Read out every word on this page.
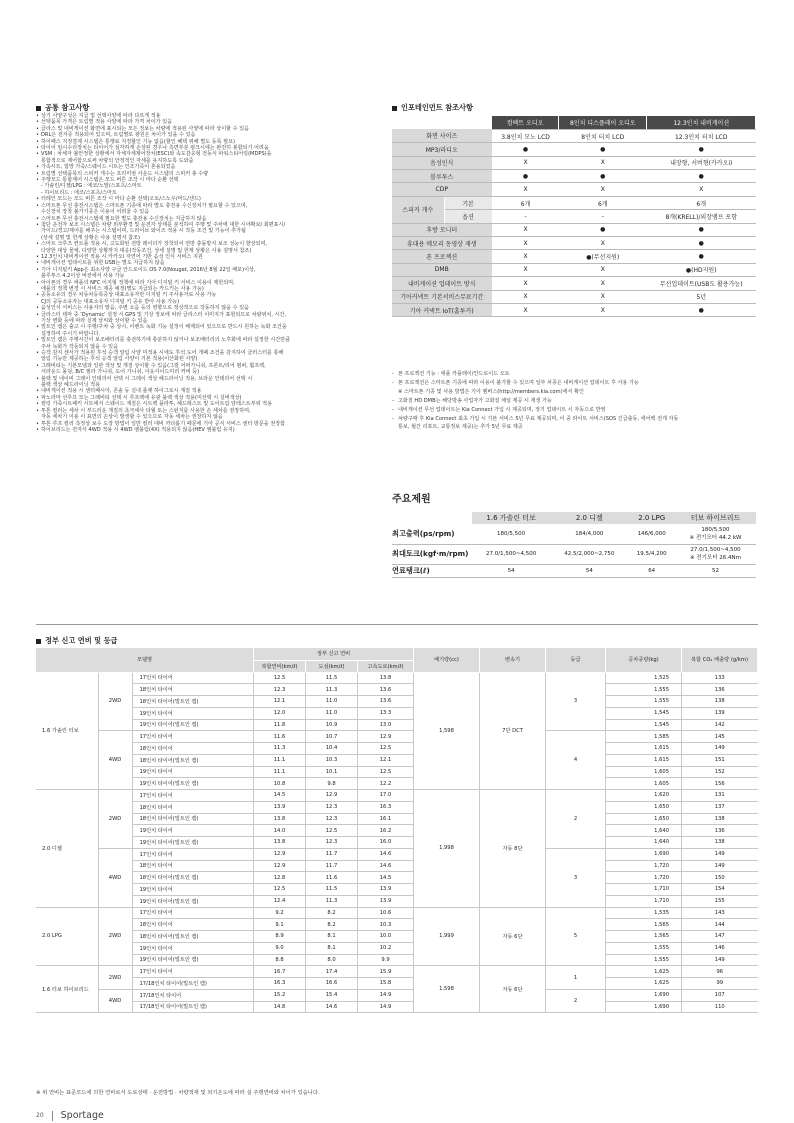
공통 참고사항
• 상기 사양구성은 지급 및 선택사양에 따라 다르게 적용
• 선택품목 가격은 트림별 적용 사양에 따라 가격 차이가 있음
• 글라스 및 내비게이션 화면에 표시되는 모든 정보는 차량에 적용된 사양에 따라 상이할 수 있음
• DRL은 전자증 적용되어 있으며, 트림별로 광원은 차이가 있을 수 있음
• 하이패스 지정결제 시스템은 통행료 지정할인 기능 없음(할인 혜택 위해 별도 등록 필요)
• 타이어 임시수리장치는 타이어가 심각하게 손상된 경우나 측면부분 펑크시에는 완전히 봉합되기 어려움
• VSM : 차체자 불안정한 상황에서 자체자세제어장치(ESC)와 속도감응형 전동식 파워스티어링(MDPS)을
통합적으로 제어함으로써 차량의 안정적인 자세를 유지하도록 도와줌
• 가속시트, 험망 가죽/스웨이드 시트는 인조가죽이 혼용되었음
• 트림별 선택품목의 스피커 개수는 프리미엄 사운드 시스템의 스피커 총 수량
• 주행모드 통합제어 시스템은 모드 버튼 조작 시 마다 순환 선택
- 가솔린/디젤/LPG : 에코/노말/스포츠/스마트
- 하이브리드 : 에코/스포츠/스마트
• 터레인 모드는 모드 버튼 조작 시 마다 순환 선택(오토/스노우/머드/샌드)
• 스마트폰 무선 충전시스템은 스마트폰 기종에 따라 별도 충전용 수신장치가 필요할 수 있으며,
수신장치 장착 불가기종은 이용이 어려울 수 있음
• 스마트폰 무선 충전시스템에 필요한 별도 충전용 수신장치는 지급하지 않음
• 첨단 운전자 보조 시스템은 차량 외부환경 및 운전자 상태를 분석하여 주행 및 주차에 대한 시야확보/ 회편표시/
가이드/경고/제어를 해주는 시스템이며, 드라이브 와이즈 적용 시 작동 조건 및 기능이 추가됨
(상세 설명 및 한계 상황은 사용 설명서 참조)
• 스마트 크루즈 컨트롤 적용 시, 고도화된 전방 레이더가 장착되어 전방 충돌방지 보조 성능이 향상되며,
다양한 대상 물체, 다양한 상황까지 대응(작동조건, 상세 설명 및 한계 상황은 사용 설명서 참조)
• 12.3인치 내비게이션 적용 시 카카오i 자연어 기반 음성 인식 서비스 지원
• 내비게이션 업데이트를 위한 USB는 별도 지급하지 않음
• 기아 디지털키 App은 최소사양 구글 안드로이드 OS 7.0(Nougat, 2016년 8월 22일 배포)이상,
블루투스 4.2이상 버전에서 사용 가능
• 아이폰의 경우 애플의 NFC 이지형 정책에 따라 기아 디지털 키 서비스 이용이 제한되며,
애플의 정책 변경 시 서비스 제공 예정(별도 지급되는 카드키는 사용 가능)
• 공동소유의 경우 차동차등록증상 대표소유자만 디지털 키 주사용자로 사용 가능
CJ의 공동소유자는 대표소유자 디지털 키 공유 받아 사용 가능)
• 음성인식 서비스는 사용자의 발음, 주변 소음 등의 영향으로 정상적으로 작동하지 않을 수 있음
• 글라스터 테마 중 'Dynamic' 설정 시 GPS 및 기상 정보에 따라 글라스터 이미지가 표현되므로 차량위치, 시간,
기상 변화 등에 따라 실제 날씨와 상이할 수 있음
• 빌트인 캠은 출고 시 주행/주차 중 상시, 이벤트 녹화 기능 설정이 해제되어 있으므로 반드시 원하는 녹화 조건을
설정하여 주시기 바랍니다.
• 빌트인 캠은 주행시간이 보조배터리를 충전하기에 충분하지 않거나 보조배터리의 노후화에 따라 설정한 시간만큼
주차 녹화가 작동되지 않을 수 있음
• 승객 감지 센서가 적용된 후석 승객 알림 사양 미적용 시에도 후석 도어 개폐 조건을 감지하여 클러스터를 통해
알림 기능만 제공하는 후석 승객 알림 사양이 기본 적용(이산화된 사양)
• 그래비티는 기본모델과 일관 색상 및 재질 상이할 수 있음(그릴 어퍼가니쉬, 프론트/리어 범퍼, 휠프렉,
서라운드 몰딩, B/C 필라 가니쉬, 도어 가니쉬, 아웃사이드미러 커버 등)
• 블랙 및 네이비 그레이 인테리어 선택 시 그레이 색상 헤드라이닝 적용, 브라운 인테리어 선택 시
블랙 색상 헤드라이닝 적용
• 내비게이션 적용 시 센터페시아, 콘솔 등 실내 플랫 하이그로시 재질 적용
• 파노라마 선루프 모는 그래비티 선택 시 루프랙에 유광 블랙 색상 적용(미선택 시 실버색상)
• 컬링 가죽시트패키 시트에서 스웨이드 재질은 시트백 플라투, 헤드레스트 및 도어트림 암레스트부위 적용
• 투톤 컬러는 세차 시 부드러운 재질의 초극세사 타월 또는 스펀지를 사용한 손 세차를 권장하며,
자동 세차기 이용 시 표면의 손상이 발생할 수 있으므로 자동 세차는 권장하지 않음
• 투톤 루프 컬러 측정상 보수 도장 방법이 일반 컬러 대비 까다롭기 때문에 기아 공식 서비스 센터 방문을 권장함
• 하이브리드는 전자식 4WD 적용 시 4WD 엠블럼(4X) 적용되지 않음(HEV 엠블럼 유지)
인포테인먼트 참조사항
		컴팩트 오디오	8인치 디스플레이 오디오	12.3인치 내비게이션
화면 사이즈		3.8인치 모노 LCD	8인치 터치 LCD	12.3인치 터치 LCD
MP3/라디오		●	●	●
음성인식		X	X	내장형, 서버형(카카오i)
블루투스		●	●	●
CDP		X	X	X
스피커 개수	기본	6개	6개	6개
	옵션	-	-	8개(KRELL)/외장앰프 포함
후방 모니터		X	●	●
휴대용 메모리 동영상 재생		X	X	●
폰 프로젝션		X	●(무선지원)	●
DMB		X	X	●(HD지원)
내비게이션 업데이트 방식		X	X	무선업데이트(USB도 활용가능)
기아커넥트 기본서비스무료기간		X	X	5년
기아 커넥트 IoT(홈투카)		X	X	●
- 폰 프로젝션 기능 : 애플 카플레이/안드로이드 오토
- 폰 프로젝션은 스마트폰 기종에 따라 이용이 불가할 수 있으며 일부 차종은 내비게이션 업데이트 후 사용 가능
※ 스마트폰 기종 및 사용 방법은 기아 멤버스(http://members.kia.com)에서 확인
- 고화질 HD DMB는 해당방송 사업자가 고화질 채널 제공 시 재생 가능
- 내비게이션 무선 업데이트는 Kia Connect 가입 시 제공되며, 정기 업데이트 시 자동으로 반영
- 차량구매 후 Kia Connect 최초 가입 시 기본 서비스 5년 무료 제공되며, 이 중 라이트 서비스(SOS 긴급출동, 에어백 전개 자동
통보, 월간 리포트, 교통정보 제공)는 추가 5년 무료 제공
주요제원
	1.6 가솔린 터보	2.0 디젤	2.0 LPG	터보 하이브리드
최고출력(ps/rpm)	180/5,500	184/4,000	146/6,000	180/5,500
※ 전기모터 44.2 kW

최대토크(kgf·m/rpm)	27.0/1,500~4,500	42.5/2,000~2,750	19.5/4,200	27.0/1,500~4,500
※ 전기모터 26.4Nm

연료탱크(ℓ)	54	54	64	52
정부 신고 연비 및 등급
모델명			정부 신고 연비			배기량(cc)	변속기	등급	공차중량(kg)	복합 CO₂ 배출량 (g/km)
			복합연비(km/ℓ)	도심(km/ℓ)	고속도로(km/ℓ)					
1.6 가솔린 터보	2WD	17인치 타이어	12.5	11.5	13.8	1,598	7단 DCT	3	1,525	133
		18인치 타이어	12.3	11.3	13.6				1,555	136
		18인치 타이어(빌트인 캠)	12.1	11.0	13.6				1,555	138
		19인치 타이어	12.0	11.0	13.3				1,545	139
		19인치 타이어(빌트인 캠)	11.8	10.9	13.0				1,545	142
	4WD	17인치 타이어	11.6	10.7	12.9			4	1,585	145
		18인치 타이어	11.3	10.4	12.5				1,615	149
		18인치 타이어(빌트인 캠)	11.1	10.3	12.1				1,615	151
		19인치 타이어	11.1	10.1	12.5				1,605	152
		19인치 타이어(빌트인 캠)	10.8	9.8	12.2				1,605	156
2.0 디젤	2WD	17인치 타이어	14.5	12.9	17.0	1,998	자동 8단	2	1,620	131
		18인치 타이어	13.9	12.3	16.3				1,650	137
		18인치 타이어(빌트인 캠)	13.8	12.3	16.1				1,650	138
		19인치 타이어	14.0	12.5	16.2				1,640	136
		19인치 타이어(빌트인 캠)	13.8	12.3	16.0				1,640	138
	4WD	17인치 타이어	12.9	11.7	14.6			3	1,690	149
		18인치 타이어	12.9	11.7	14.6				1,720	149
		18인치 타이어(빌트인 캠)	12.8	11.6	14.5				1,720	150
		19인치 타이어	12.5	11.5	13.9				1,710	154
		19인치 타이어(빌트인 캠)	12.4	11.3	13.9				1,710	155
2.0 LPG	2WD	17인치 타이어	9.2	8.2	10.6	1,999	자동 6단	5	1,535	143
		18인치 타이어	9.1	8.2	10.3				1,565	144
		18인치 타이어(빌트인 캠)	8.9	8.1	10.0				1,565	147
		19인치 타이어	9.0	8.1	10.2				1,555	146
		19인치 타이어(빌트인 캠)	8.8	8.0	9.9				1,555	149
1.6 터보 하이브리드	2WD	17인치 타이어	16.7	17.4	15.9	1,598	자동 6단	1	1,625	96
		17/18인치 타이어(빌트인 캠)	16.3	16.6	15.8				1,625	99
	4WD	17/18인치 타이어	15.2	15.4	14.9			2	1,690	107
		17/18인치 타이어(빌트인 캠)	14.8	14.6	14.9				1,690	110
※ 위 연비는 표준모드에 의한 연비로서 도로상태 · 운전방법 · 차량적재 및 외기온도에 따라 실 주행연비와 차이가 있습니다.
20 Sportage
